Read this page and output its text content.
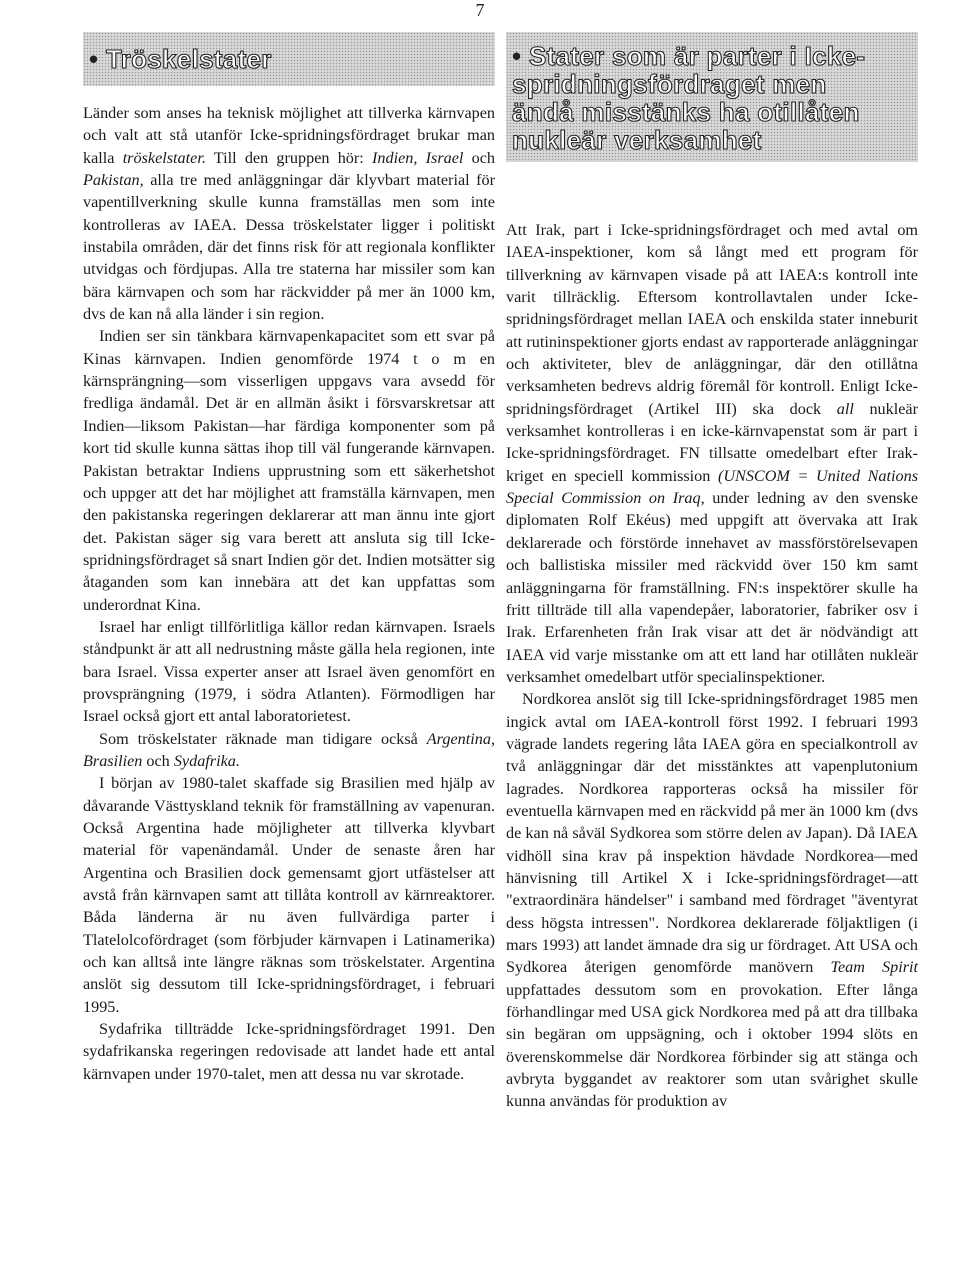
7
• Tröskelstater

Länder som anses ha teknisk möjlighet att tillverka kärnvapen och valt att stå utanför Icke-spridningsfördraget brukar man kalla tröskelstater. Till den gruppen hör: Indien, Israel och Pakistan, alla tre med anläggningar där klyvbart material för vapentillverkning skulle kunna framställas men som inte kontrolleras av IAEA. Dessa tröskelstater ligger i politiskt instabila områden, där det finns risk för att regionala konflikter utvidgas och fördjupas. Alla tre staterna har missiler som kan bära kärnvapen och som har räckvidder på mer än 1000 km, dvs de kan nå alla länder i sin region.

Indien ser sin tänkbara kärnvapenkapacitet som ett svar på Kinas kärnvapen. Indien genomförde 1974 t o m en kärnsprängning—som visserligen uppgavs vara avsedd för fredliga ändamål. Det är en allmän åsikt i försvarskretsar att Indien—liksom Pakistan—har färdiga komponenter som på kort tid skulle kunna sättas ihop till väl fungerande kärnvapen. Pakistan betraktar Indiens upprustning som ett säkerhetshot och uppger att det har möjlighet att framställa kärnvapen, men den pakistanska regeringen deklarerar att man ännu inte gjort det. Pakistan säger sig vara berett att ansluta sig till Icke-spridningsfördraget så snart Indien gör det. Indien motsätter sig åtaganden som kan innebära att det kan uppfattas som underordnat Kina.

Israel har enligt tillförlitliga källor redan kärnvapen. Israels ståndpunkt är att all nedrustning måste gälla hela regionen, inte bara Israel. Vissa experter anser att Israel även genomfört en provsprängning (1979, i södra Atlanten). Förmodligen har Israel också gjort ett antal laboratorietest.

Som tröskelstater räknade man tidigare också Argentina, Brasilien och Sydafrika.

I början av 1980-talet skaffade sig Brasilien med hjälp av dåvarande Västtyskland teknik för framställning av vapenuran. Också Argentina hade möjligheter att tillverka klyvbart material för vapenändamål. Under de senaste åren har Argentina och Brasilien dock gemensamt gjort utfästelser att avstå från kärnvapen samt att tillåta kontroll av kärnreaktorer. Båda länderna är nu även fullvärdiga parter i Tlatelolcofördraget (som förbjuder kärnvapen i Latinamerika) och kan alltså inte längre räknas som tröskelstater. Argentina anslöt sig dessutom till Icke-spridningsfördraget, i februari 1995.

Sydafrika tillträdde Icke-spridningsfördraget 1991. Den sydafrikanska regeringen redovisade att landet hade ett antal kärnvapen under 1970-talet, men att dessa nu var skrotade.

• Stater som är parter i Icke-
spridningsfördraget men
ändå misstänks ha otillåten
nukleär verksamhet

Att Irak, part i Icke-spridningsfördraget och med avtal om IAEA-inspektioner, kom så långt med ett program för tillverkning av kärnvapen visade på att IAEA:s kontroll inte varit tillräcklig. Eftersom kontrollavtalen under Icke-spridningsfördraget mellan IAEA och enskilda stater inneburit att rutininspektioner gjorts endast av rapporterade anläggningar och aktiviteter, blev de anläggningar, där den otillåtna verksamheten bedrevs aldrig föremål för kontroll. Enligt Icke-spridningsfördraget (Artikel III) ska dock all nukleär verksamhet kontrolleras i en icke-kärnvapenstat som är part i Icke-spridningsfördraget. FN tillsatte omedelbart efter Irak-kriget en speciell kommission (UNSCOM = United Nations Special Commission on Iraq, under ledning av den svenske diplomaten Rolf Ekéus) med uppgift att övervaka att Irak deklarerade och förstörde innehavet av massförstörelsevapen och ballistiska missiler med räckvidd över 150 km samt anläggningarna för framställning. FN:s inspektörer skulle ha fritt tillträde till alla vapendepåer, laboratorier, fabriker osv i Irak. Erfarenheten från Irak visar att det är nödvändigt att IAEA vid varje misstanke om att ett land har otillåten nukleär verksamhet omedelbart utför specialinspektioner.

Nordkorea anslöt sig till Icke-spridningsfördraget 1985 men ingick avtal om IAEA-kontroll först 1992. I februari 1993 vägrade landets regering låta IAEA göra en specialkontroll av två anläggningar där det misstänktes att vapenplutonium lagrades. Nordkorea rapporteras också ha missiler för eventuella kärnvapen med en räckvidd på mer än 1000 km (dvs de kan nå såväl Sydkorea som större delen av Japan). Då IAEA vidhöll sina krav på inspektion hävdade Nordkorea—med hänvisning till Artikel X i Icke-spridningsfördraget—att "extraordinära händelser" i samband med fördraget "äventyrat dess högsta intressen". Nordkorea deklarerade följaktligen (i mars 1993) att landet ämnade dra sig ur fördraget. Att USA och Sydkorea återigen genomförde manövern Team Spirit uppfattades dessutom som en provokation. Efter långa förhandlingar med USA gick Nordkorea med på att dra tillbaka sin begäran om uppsägning, och i oktober 1994 slöts en överenskommelse där Nordkorea förbinder sig att stänga och avbryta byggandet av reaktorer som utan svårighet skulle kunna användas för produktion av
